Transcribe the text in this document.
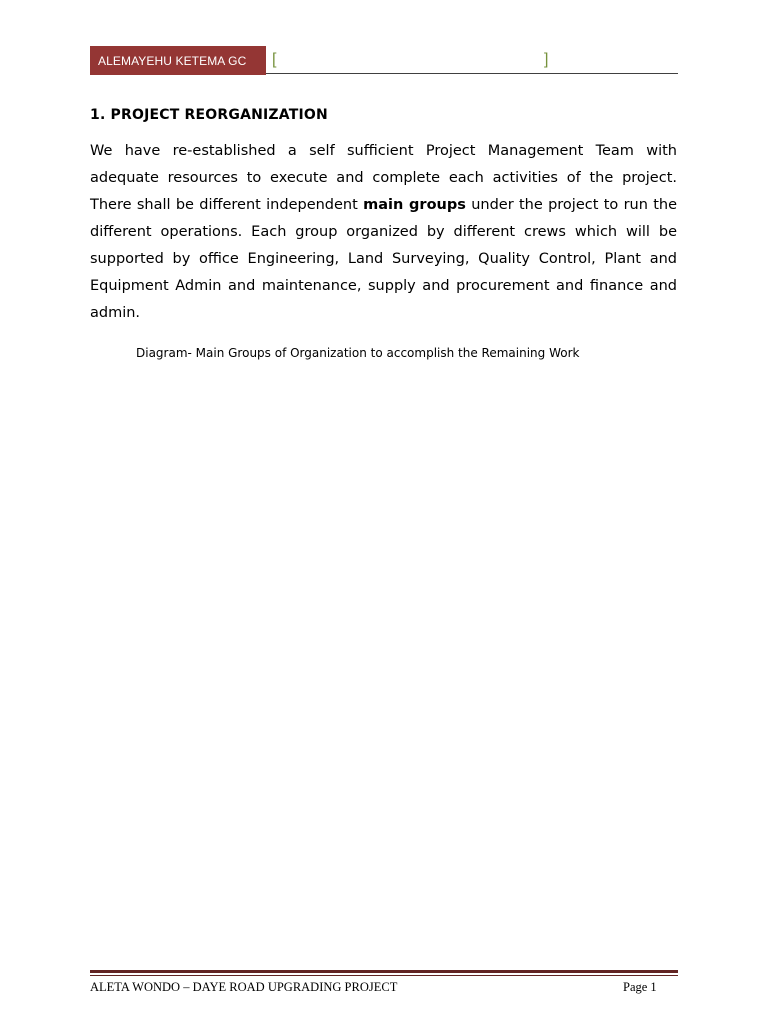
ALEMAYEHU KETEMA GC [	]
1. PROJECT REORGANIZATION
We have re-established a self sufficient Project Management Team with adequate resources to execute and complete each activities of the project. There shall be different independent main groups under the project to run the different operations. Each group organized by different crews which will be supported by office Engineering, Land Surveying, Quality Control, Plant and Equipment Admin and maintenance, supply and procurement and finance and admin.
Diagram- Main Groups of Organization to accomplish the Remaining Work
ALETA WONDO – DAYE ROAD UPGRADING PROJECT	Page 1
